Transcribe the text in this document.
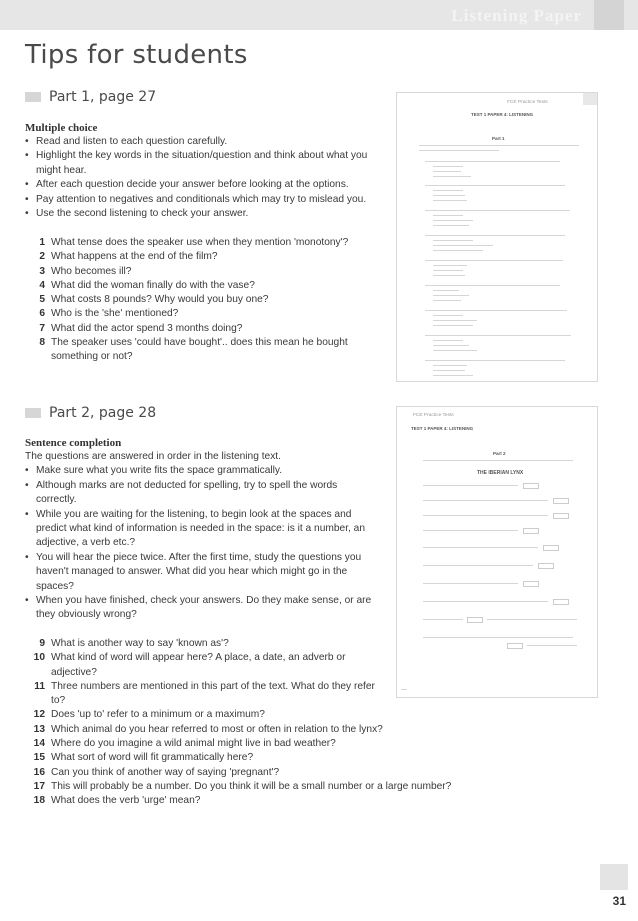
Listening Paper
Tips for students
Part 1, page 27
Multiple choice
• Read and listen to each question carefully.
• Highlight the key words in the situation/question and think about what you might hear.
• After each question decide your answer before looking at the options.
• Pay attention to negatives and conditionals which may try to mislead you.
• Use the second listening to check your answer.
1 What tense does the speaker use when they mention 'monotony'?
2 What happens at the end of the film?
3 Who becomes ill?
4 What did the woman finally do with the vase?
5 What costs 8 pounds? Why would you buy one?
6 Who is the 'she' mentioned?
7 What did the actor spend 3 months doing?
8 The speaker uses 'could have bought'.. does this mean he bought something or not?
FCE Practice Tests
TEST 1 PAPER 4: LISTENING
Part 1
Part 2, page 28
Sentence completion
The questions are answered in order in the listening text.
• Make sure what you write fits the space grammatically.
• Although marks are not deducted for spelling, try to spell the words correctly.
• While you are waiting for the listening, to begin look at the spaces and predict what kind of information is needed in the space: is it a number, an adjective, a verb etc.?
• You will hear the piece twice. After the first time, study the questions you haven't managed to answer. What did you hear which might go in the spaces?
• When you have finished, check your answers. Do they make sense, or are they obviously wrong?
9 What is another way to say 'known as'?
10 What kind of word will appear here? A place, a date, an adverb or adjective?
11 Three numbers are mentioned in this part of the text. What do they refer to?
12 Does 'up to' refer to a minimum or a maximum?
13 Which animal do you hear referred to most or often in relation to the lynx?
14 Where do you imagine a wild animal might live in bad weather?
15 What sort of word will fit grammatically here?
16 Can you think of another way of saying 'pregnant'?
17 This will probably be a number. Do you think it will be a small number or a large number?
18 What does the verb 'urge' mean?
FCE Practice Tests
TEST 1 PAPER 4: LISTENING
Part 2
THE IBERIAN LYNX
31
